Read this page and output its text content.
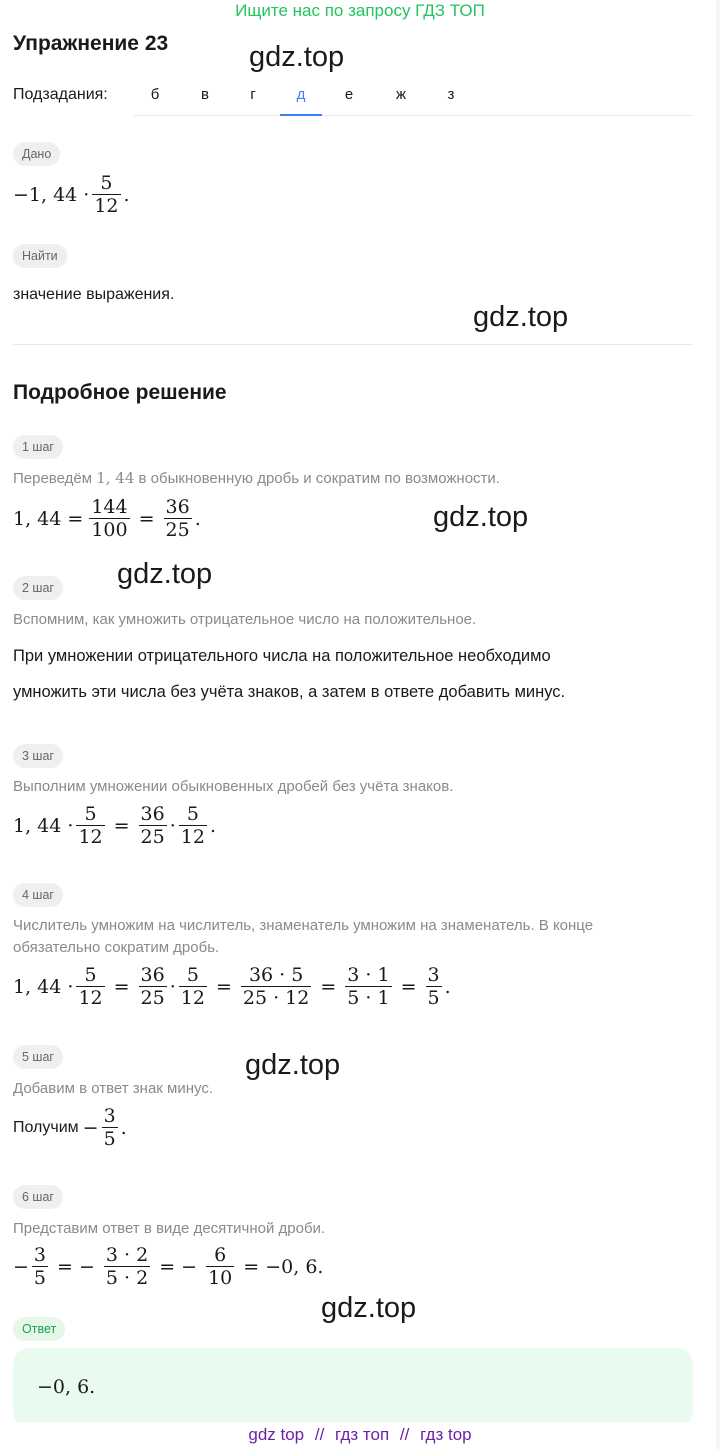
Ищите нас по запросу ГДЗ ТОП
Упражнение 23
Подзадания:	б	в	г	д	е	ж	з
Дано
−1, $44 \cdot \frac{5}{12}$ .
Найти
значение выражения.
Подробное решение
1 шаг
Переведём 1, 44 в обыкновенную дробь и сократим по возможности.
1, $44 = \frac{144}{100} = \frac{36}{25}$ .
2 шаг
Вспомним, как умножить отрицательное число на положительное.
При умножении отрицательного числа на положительное необходимо
умножить эти числа без учёта знаков, а затем в ответе добавить минус.
3 шаг
Выполним умножении обыкновенных дробей без учёта знаков.
1, $44 \cdot \frac{5}{12} = \frac{36}{25} \cdot \frac{5}{12}$ .
4 шаг
Числитель умножим на числитель, знаменатель умножим на знаменатель. В конце
обязательно сократим дробь.
1, $44 \cdot \frac{5}{12} = \frac{36}{25} \cdot \frac{5}{12} = \frac{36 \cdot 5}{25 \cdot 12} = \frac{3 \cdot 1}{5 \cdot 1} = \frac{3}{5}$ .
5 шаг
Добавим в ответ знак минус.
Получим − $\frac{3}{5}$ .
6 шаг
Представим ответ в виде десятичной дроби.
− $\frac{3}{5}$ = − $\frac{3 \cdot 2}{5 \cdot 2}$ = − $\frac{6}{10} = -0$, 6.
Ответ
−0, 6.
gdz.top
gdz.top
gdz.top
gdz.top
gdz.top
gdz.top
gdz top // гдз топ // гдз top
